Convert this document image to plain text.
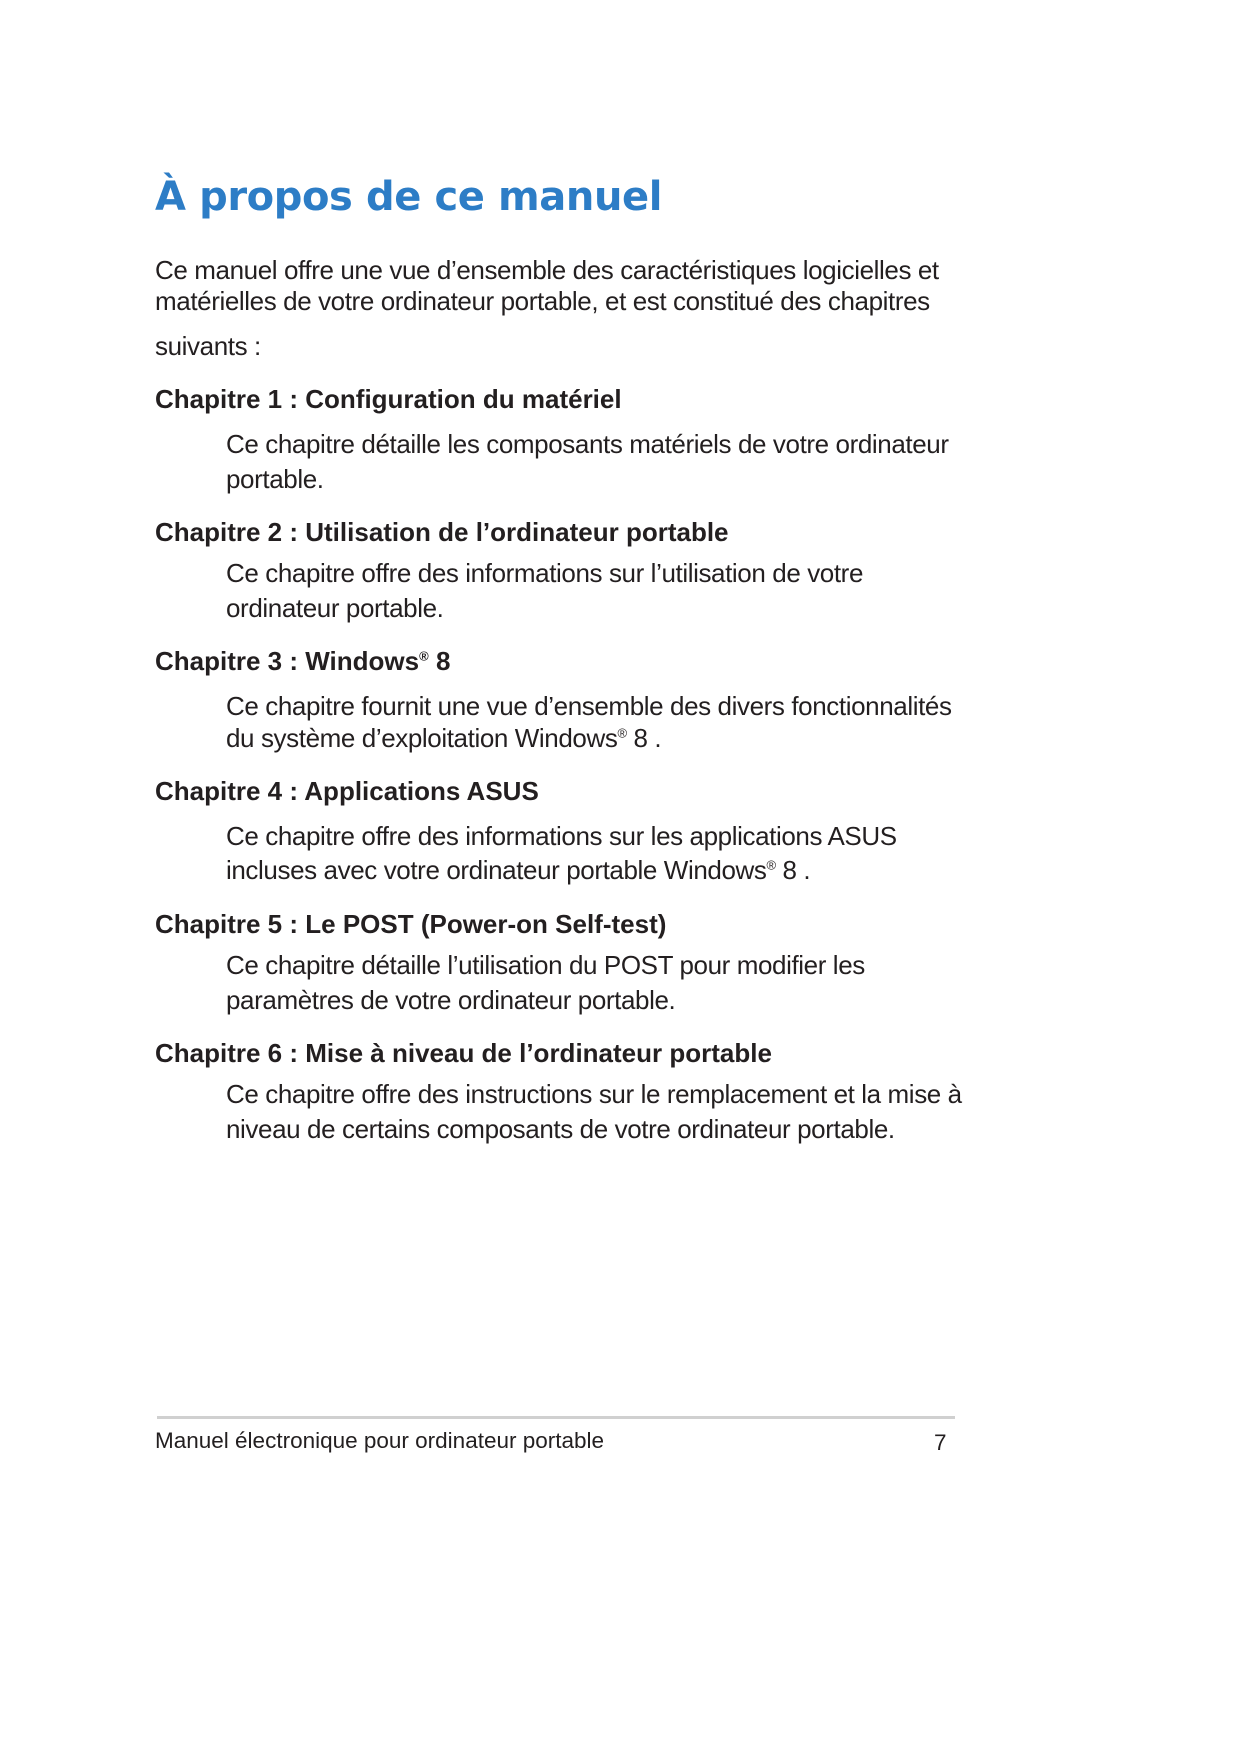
À propos de ce manuel
Ce manuel offre une vue d’ensemble des caractéristiques logicielles et
matérielles de votre ordinateur portable, et est constitué des chapitres
suivants :
Chapitre 1 : Configuration du matériel
Ce chapitre détaille les composants matériels de votre ordinateur
portable.
Chapitre 2 : Utilisation de l’ordinateur portable
Ce chapitre offre des informations sur l’utilisation de votre
ordinateur portable.
Chapitre 3 : Windows® 8
Ce chapitre fournit une vue d’ensemble des divers fonctionnalités
du système d’exploitation Windows® 8 .
Chapitre 4 : Applications ASUS
Ce chapitre offre des informations sur les applications ASUS
incluses avec votre ordinateur portable Windows® 8 .
Chapitre 5 : Le POST (Power-on Self-test)
Ce chapitre détaille l’utilisation du POST pour modifier les
paramètres de votre ordinateur portable.
Chapitre 6 : Mise à niveau de l’ordinateur portable
Ce chapitre offre des instructions sur le remplacement et la mise à
niveau de certains composants de votre ordinateur portable.
Manuel électronique pour ordinateur portable	7
